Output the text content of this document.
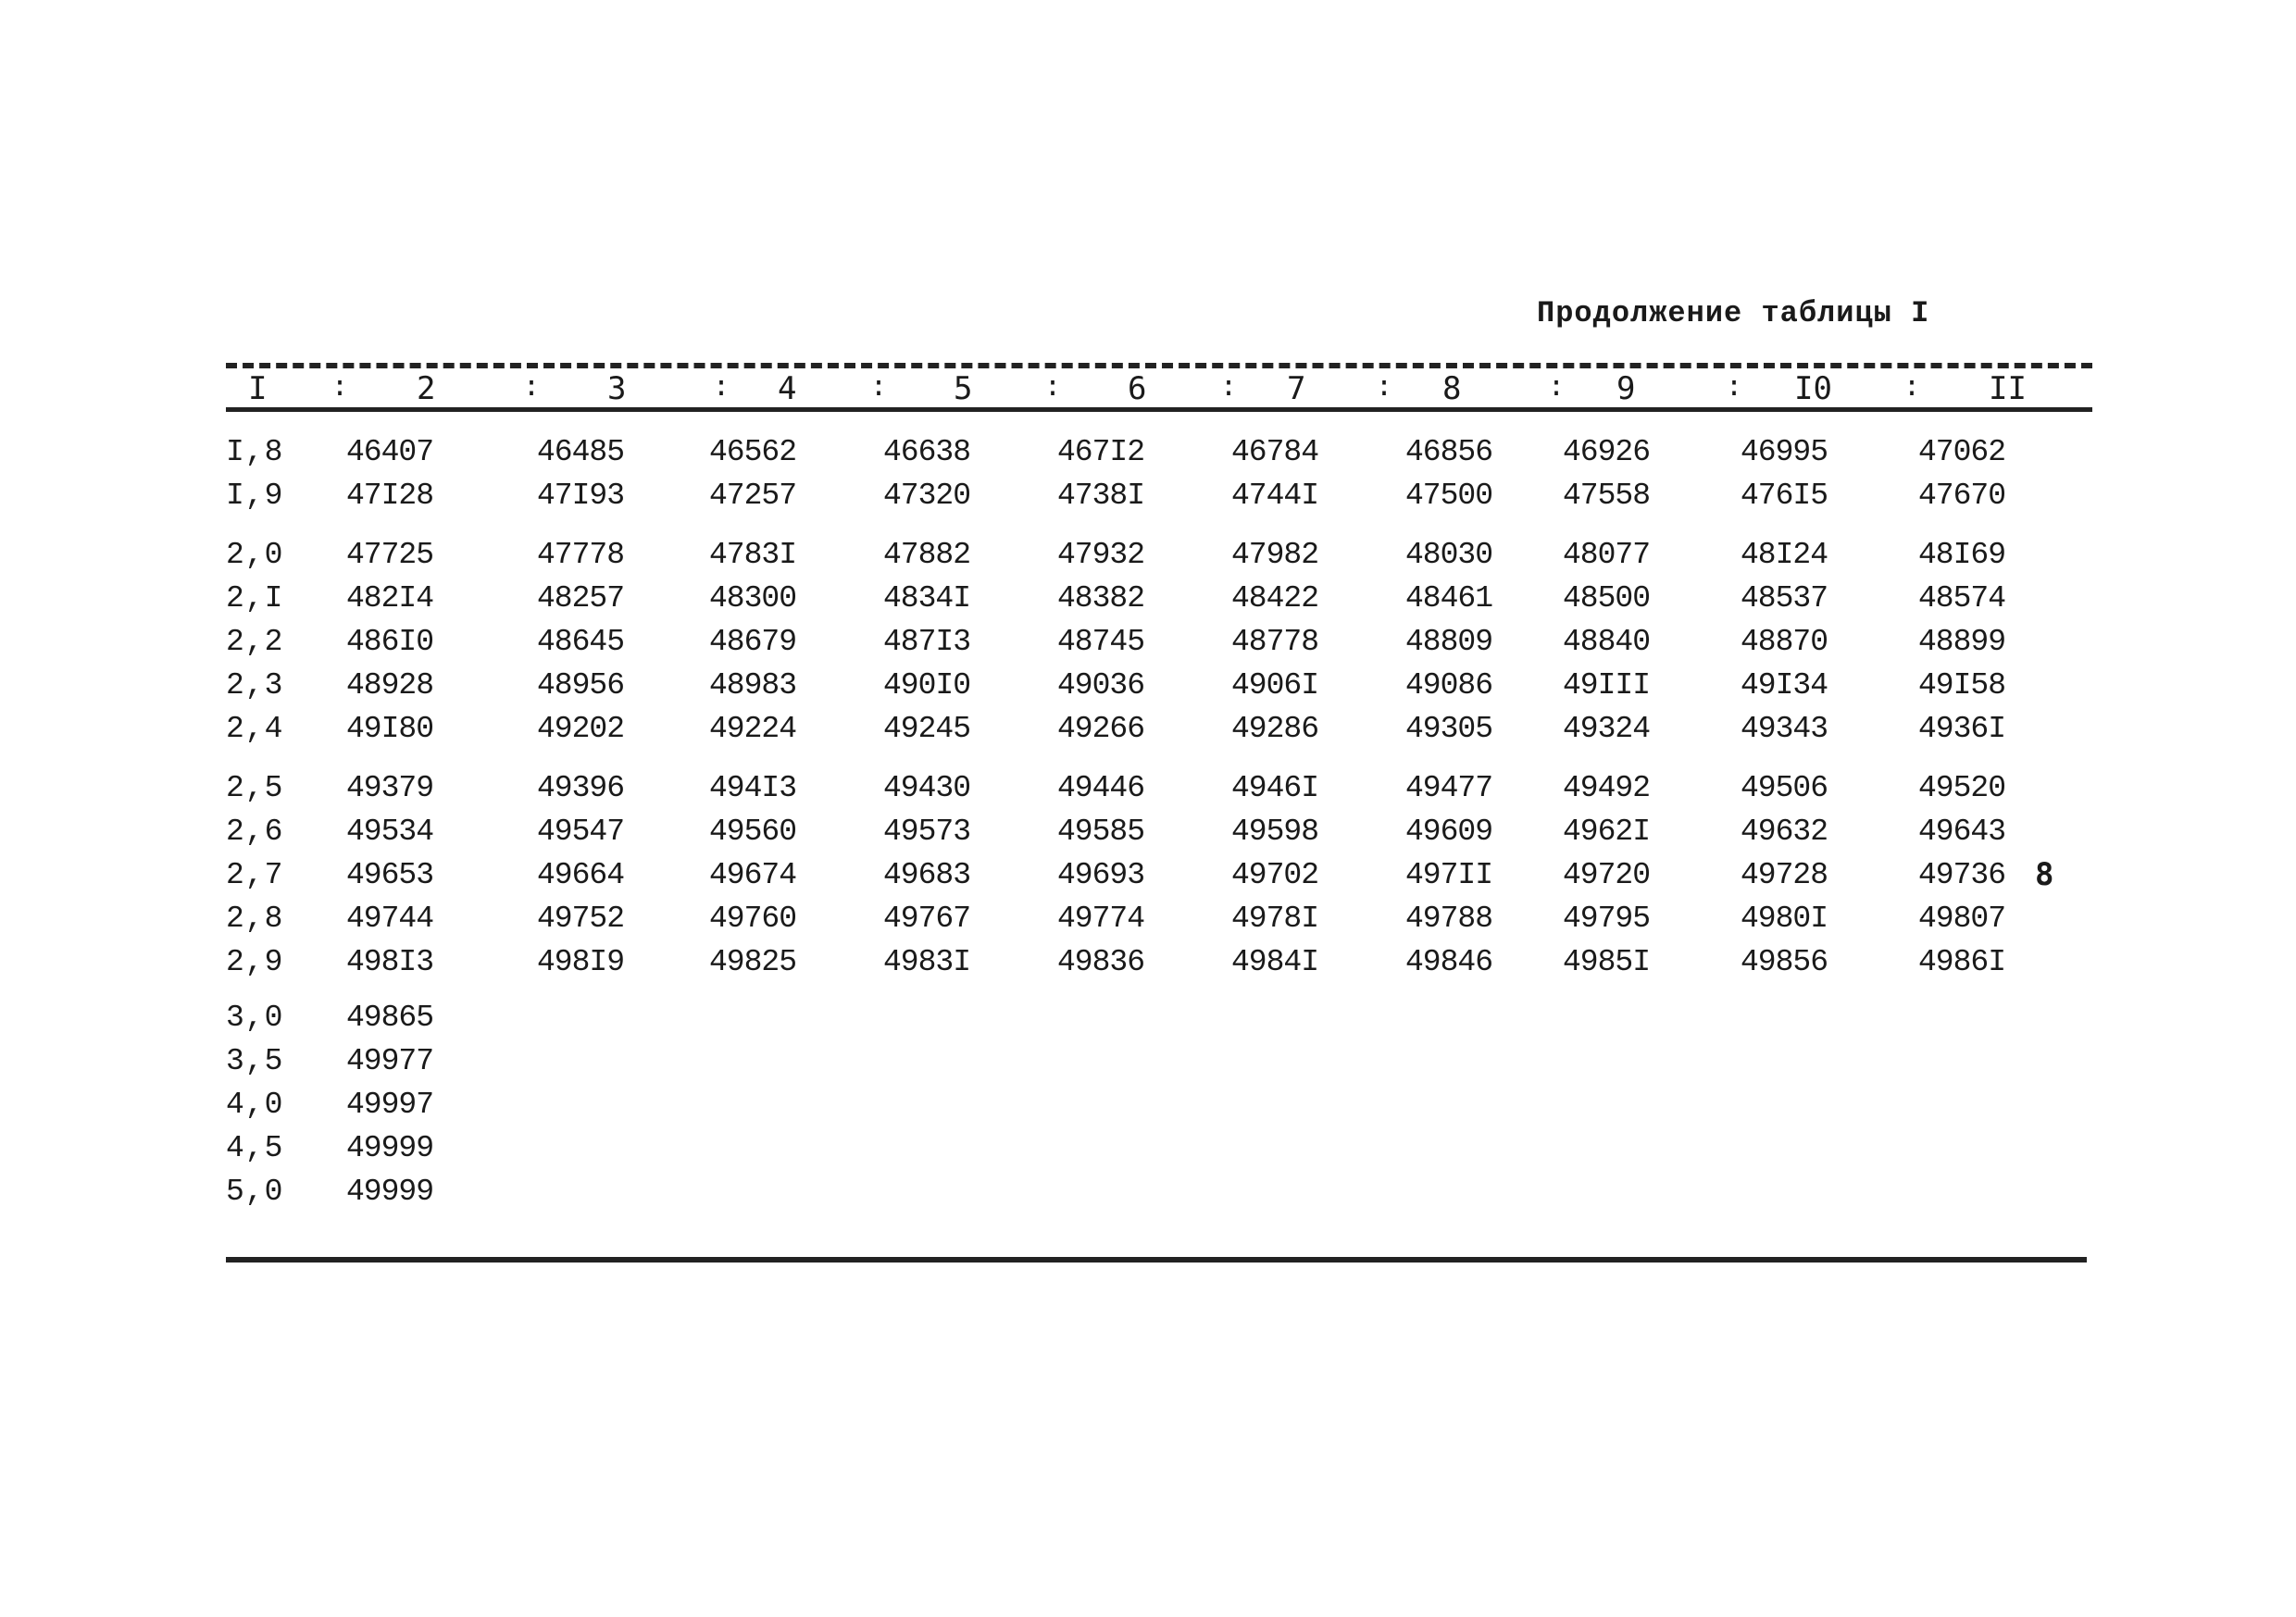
Продолжение таблицы I
I : 2	: 3	: 4	: 5	: 6	: 7	: 8	: 9	: I0	: II
I,8 46407	46485	46562	46638	467I2	46784	46856 46926	46995	47062
I,9 47I28	47I93	47257	47320	4738I	4744I	47500 47558	476I5	47670
2,0 47725	47778	4783I	47882	47932	47982	48030 48077	48I24	48I69
2,I 482I4	48257	48300	4834I	48382	48422	48461 48500	48537	48574
2,2 486I0	48645	48679	487I3	48745	48778	48809 48840	48870	48899
2,3 48928	48956	48983	490I0	49036	4906I	49086 49III	49I34	49I58
2,4 49I80	49202	49224	49245	49266	49286	49305 49324	49343	4936I
2,5 49379	49396	494I3	49430	49446	4946I	49477 49492	49506	49520
2,6 49534	49547	49560	49573	49585	49598	49609 4962I	49632	49643
2,7 49653	49664	49674	49683	49693	49702	497II 49720	49728	49736
2,8 49744	49752	49760	49767	49774	4978I	49788 49795	4980I	49807
2,9 498I3	498I9	49825	4983I	49836	4984I	49846 4985I	49856	4986I
3,0 49865
3,5 49977
4,0 49997
4,5 49999
5,0 49999
8
